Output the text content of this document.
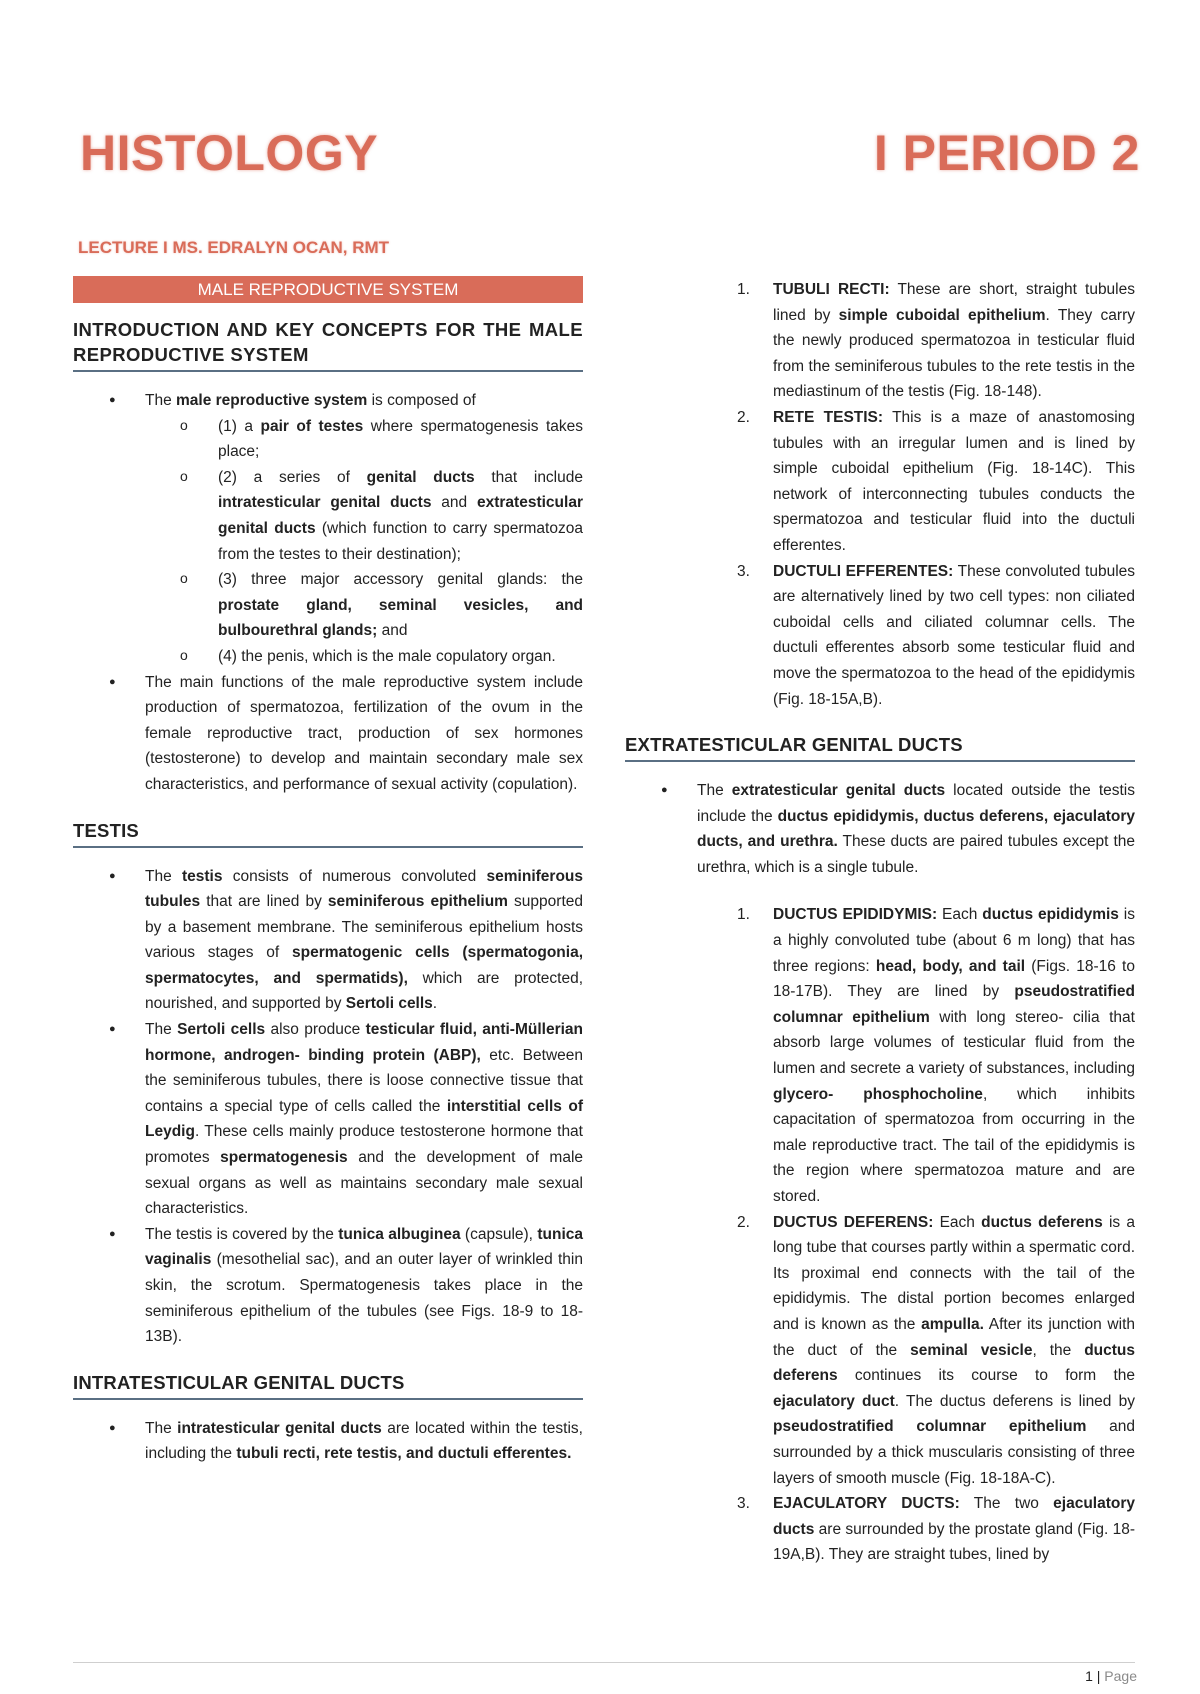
HISTOLOGY	I PERIOD 2
LECTURE I MS. EDRALYN OCAN, RMT
MALE REPRODUCTIVE SYSTEM
INTRODUCTION AND KEY CONCEPTS FOR THE MALE REPRODUCTIVE SYSTEM
● The male reproductive system is composed of
o (1) a pair of testes where spermatogenesis takes place;
o (2) a series of genital ducts that include intratesticular genital ducts and extratesticular genital ducts (which function to carry spermatozoa from the testes to their destination);
o (3) three major accessory genital glands: the prostate gland, seminal vesicles, and bulbourethral glands; and
o (4) the penis, which is the male copulatory organ.
● The main functions of the male reproductive system include production of spermatozoa, fertilization of the ovum in the female reproductive tract, production of sex hormones (testosterone) to develop and maintain secondary male sex characteristics, and performance of sexual activity (copulation).
TESTIS
● The testis consists of numerous convoluted seminiferous tubules that are lined by seminiferous epithelium supported by a basement membrane. The seminiferous epithelium hosts various stages of spermatogenic cells (spermatogonia, spermatocytes, and spermatids), which are protected, nourished, and supported by Sertoli cells.
● The Sertoli cells also produce testicular fluid, anti-Müllerian hormone, androgen- binding protein (ABP), etc. Between the seminiferous tubules, there is loose connective tissue that contains a special type of cells called the interstitial cells of Leydig. These cells mainly produce testosterone hormone that promotes spermatogenesis and the development of male sexual organs as well as maintains secondary male sexual characteristics.
● The testis is covered by the tunica albuginea (capsule), tunica vaginalis (mesothelial sac), and an outer layer of wrinkled thin skin, the scrotum. Spermatogenesis takes place in the seminiferous epithelium of the tubules (see Figs. 18-9 to 18-13B).
INTRATESTICULAR GENITAL DUCTS
● The intratesticular genital ducts are located within the testis, including the tubuli recti, rete testis, and ductuli efferentes.
1. TUBULI RECTI: These are short, straight tubules lined by simple cuboidal epithelium. They carry the newly produced spermatozoa in testicular fluid from the seminiferous tubules to the rete testis in the mediastinum of the testis (Fig. 18-148).
2. RETE TESTIS: This is a maze of anastomosing tubules with an irregular lumen and is lined by simple cuboidal epithelium (Fig. 18-14C). This network of interconnecting tubules conducts the spermatozoa and testicular fluid into the ductuli efferentes.
3. DUCTULI EFFERENTES: These convoluted tubules are alternatively lined by two cell types: non ciliated cuboidal cells and ciliated columnar cells. The ductuli efferentes absorb some testicular fluid and move the spermatozoa to the head of the epididymis (Fig. 18-15A,B).
EXTRATESTICULAR GENITAL DUCTS
● The extratesticular genital ducts located outside the testis include the ductus epididymis, ductus deferens, ejaculatory ducts, and urethra. These ducts are paired tubules except the urethra, which is a single tubule.
1. DUCTUS EPIDIDYMIS: Each ductus epididymis is a highly convoluted tube (about 6 m long) that has three regions: head, body, and tail (Figs. 18-16 to 18-17B). They are lined by pseudostratified columnar epithelium with long stereo- cilia that absorb large volumes of testicular fluid from the lumen and secrete a variety of substances, including glycero- phosphocholine, which inhibits capacitation of spermatozoa from occurring in the male reproductive tract. The tail of the epididymis is the region where spermatozoa mature and are stored.
2. DUCTUS DEFERENS: Each ductus deferens is a long tube that courses partly within a spermatic cord. Its proximal end connects with the tail of the epididymis. The distal portion becomes enlarged and is known as the ampulla. After its junction with the duct of the seminal vesicle, the ductus deferens continues its course to form the ejaculatory duct. The ductus deferens is lined by pseudostratified columnar epithelium and surrounded by a thick muscularis consisting of three layers of smooth muscle (Fig. 18-18A-C).
3. EJACULATORY DUCTS: The two ejaculatory ducts are surrounded by the prostate gland (Fig. 18-19A,B). They are straight tubes, lined by
1 | Page
